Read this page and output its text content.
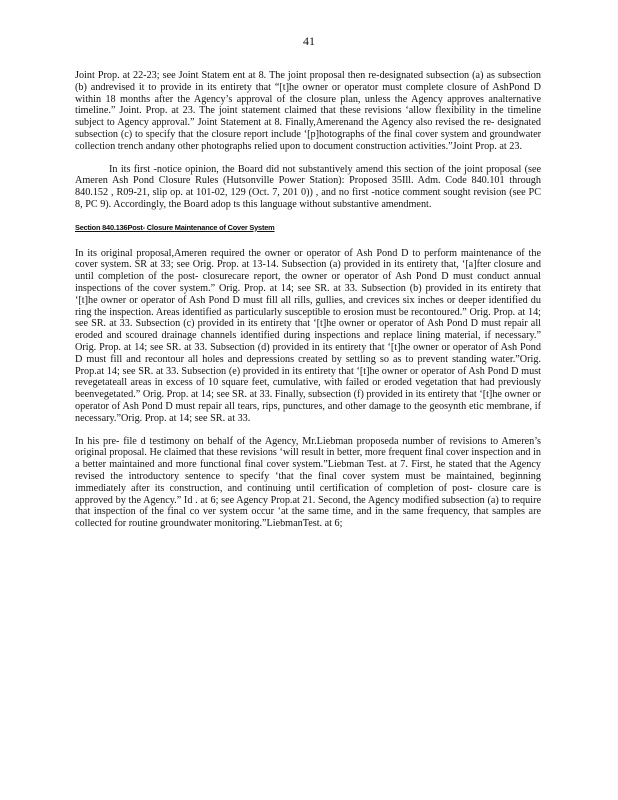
41

Joint Prop. at 22-23; see Joint Statem ent at 8. The joint proposal then re-designated subsection (a) as subsection (b) andrevised it to provide in its entirety that “[t]he owner or operator must complete closure of AshPond D within 18 months after the Agency’s approval of the closure plan, unless the Agency approves analternative timeline.” Joint. Prop. at 23. The joint statement claimed that these revisions ‘allow flexibility in the timeline subject to Agency approval.” Joint Statement at 8. Finally,Amerenand the Agency also revised the re- designated subsection (c) to specify that the closure report include ‘[p]hotographs of the final cover system and groundwater collection trench andany other photographs relied upon to document construction activities.”Joint Prop. at 23.

In its first -notice opinion, the Board did not substantively amend this section of the joint proposal (see Ameren Ash Pond Closure Rules (Hutsonville Power Station): Proposed 35Ill. Adm. Code 840.101 through 840.152 , R09-21, slip op. at 101-02, 129 (Oct. 7, 201 0)) , and no first -notice comment sought revision (see PC 8, PC 9). Accordingly, the Board adop ts this language without substantive amendment.

Section 840.136Post- Closure Maintenance of Cover System

In its original proposal,Ameren required the owner or operator of Ash Pond D to perform maintenance of the cover system. SR at 33; see Orig. Prop. at 13-14. Subsection (a) provided in its entirety that, ‘[a]fter closure and until completion of the post- closurecare report, the owner or operator of Ash Pond D must conduct annual inspections of the cover system.” Orig. Prop. at 14; see SR. at 33. Subsection (b) provided in its entirety that ‘[t]he owner or operator of Ash Pond D must fill all rills, gullies, and crevices six inches or deeper identified du ring the inspection. Areas identified as particularly susceptible to erosion must be recontoured.” Orig. Prop. at 14; see SR. at 33. Subsection (c) provided in its entirety that ‘[t]he owner or operator of Ash Pond D must repair all eroded and scoured drainage channels identified during inspections and replace lining material, if necessary.” Orig. Prop. at 14; see SR. at 33. Subsection (d) provided in its entirety that ‘[t]he owner or operator of Ash Pond D must fill and recontour all holes and depressions created by settling so as to prevent standing water.”Orig. Prop.at 14; see SR. at 33. Subsection (e) provided in its entirety that ‘[t]he owner or operator of Ash Pond D must revegetateall areas in excess of 10 square feet, cumulative, with failed or eroded vegetation that had previously beenvegetated.” Orig. Prop. at 14; see SR. at 33. Finally, subsection (f) provided in its entirety that ‘[t]he owner or operator of Ash Pond D must repair all tears, rips, punctures, and other damage to the geosynth etic membrane, if necessary.”Orig. Prop. at 14; see SR. at 33.

In his pre- file d testimony on behalf of the Agency, Mr.Liebman proposeda number of revisions to Ameren’s original proposal. He claimed that these revisions ‘will result in better, more frequent final cover inspection and in a better maintained and more functional final cover system.”Liebman Test. at 7. First, he stated that the Agency revised the introductory sentence to specify ‘that the final cover system must be maintained, beginning immediately after its construction, and continuing until certification of completion of post- closure care is approved by the Agency.” Id . at 6; see Agency Prop.at 21. Second, the Agency modified subsection (a) to require that inspection of the final co ver system occur ‘at the same time, and in the same frequency, that samples are collected for routine groundwater monitoring.”LiebmanTest. at 6;
